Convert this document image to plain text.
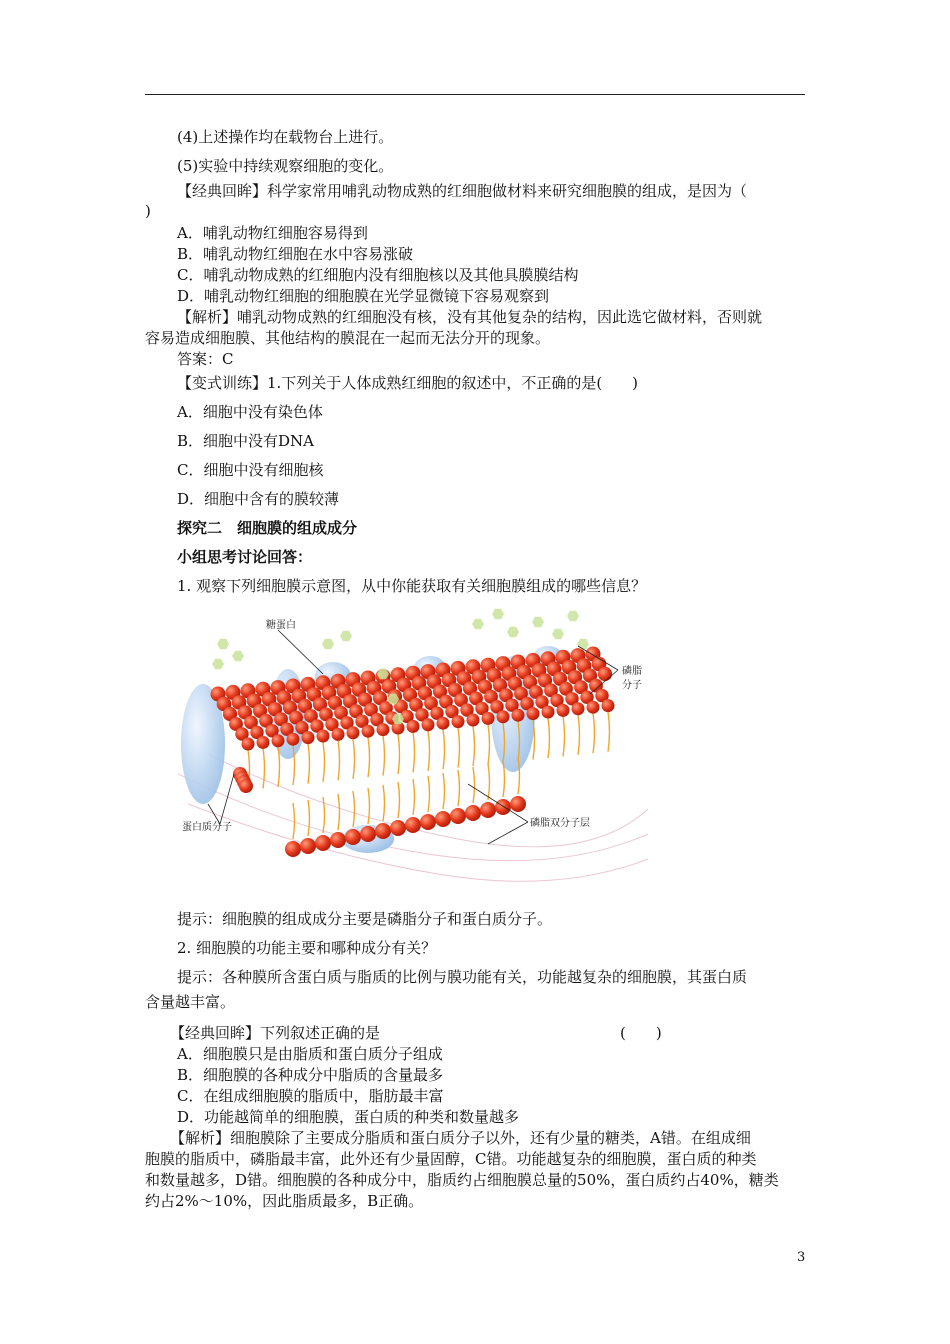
(4)上述操作均在载物台上进行。
(5)实验中持续观察细胞的变化。
【经典回眸】科学家常用哺乳动物成熟的红细胞做材料来研究细胞膜的组成，是因为（
)
A．哺乳动物红细胞容易得到
B．哺乳动物红细胞在水中容易涨破
C．哺乳动物成熟的红细胞内没有细胞核以及其他具膜膜结构
D．哺乳动物红细胞的细胞膜在光学显微镜下容易观察到
【解析】哺乳动物成熟的红细胞没有核，没有其他复杂的结构，因此选它做材料，否则就
容易造成细胞膜、其他结构的膜混在一起而无法分开的现象。
答案：C
【变式训练】1.下列关于人体成熟红细胞的叙述中，不正确的是(　　)
A．细胞中没有染色体
B．细胞中没有DNA
C．细胞中没有细胞核
D．细胞中含有的膜较薄
探究二　细胞膜的组成成分
小组思考讨论回答：
1. 观察下列细胞膜示意图，从中你能获取有关细胞膜组成的哪些信息？
提示：细胞膜的组成成分主要是磷脂分子和蛋白质分子。
2. 细胞膜的功能主要和哪种成分有关？
提示：各种膜所含蛋白质与脂质的比例与膜功能有关，功能越复杂的细胞膜，其蛋白质
含量越丰富。
【经典回眸】下列叙述正确的是　　　　　　　　　　　　　　　　(　　)
A．细胞膜只是由脂质和蛋白质分子组成
B．细胞膜的各种成分中脂质的含量最多
C．在组成细胞膜的脂质中，脂肪最丰富
D．功能越简单的细胞膜，蛋白质的种类和数量越多
【解析】细胞膜除了主要成分脂质和蛋白质分子以外，还有少量的糖类，A错。在组成细
胞膜的脂质中，磷脂最丰富，此外还有少量固醇，C错。功能越复杂的细胞膜，蛋白质的种类
和数量越多，D错。细胞膜的各种成分中，脂质约占细胞膜总量的50%，蛋白质约占40%，糖类
约占2%～10%，因此脂质最多，B正确。
糖蛋白
磷脂
分子
蛋白质分子	磷脂双分子层
3
